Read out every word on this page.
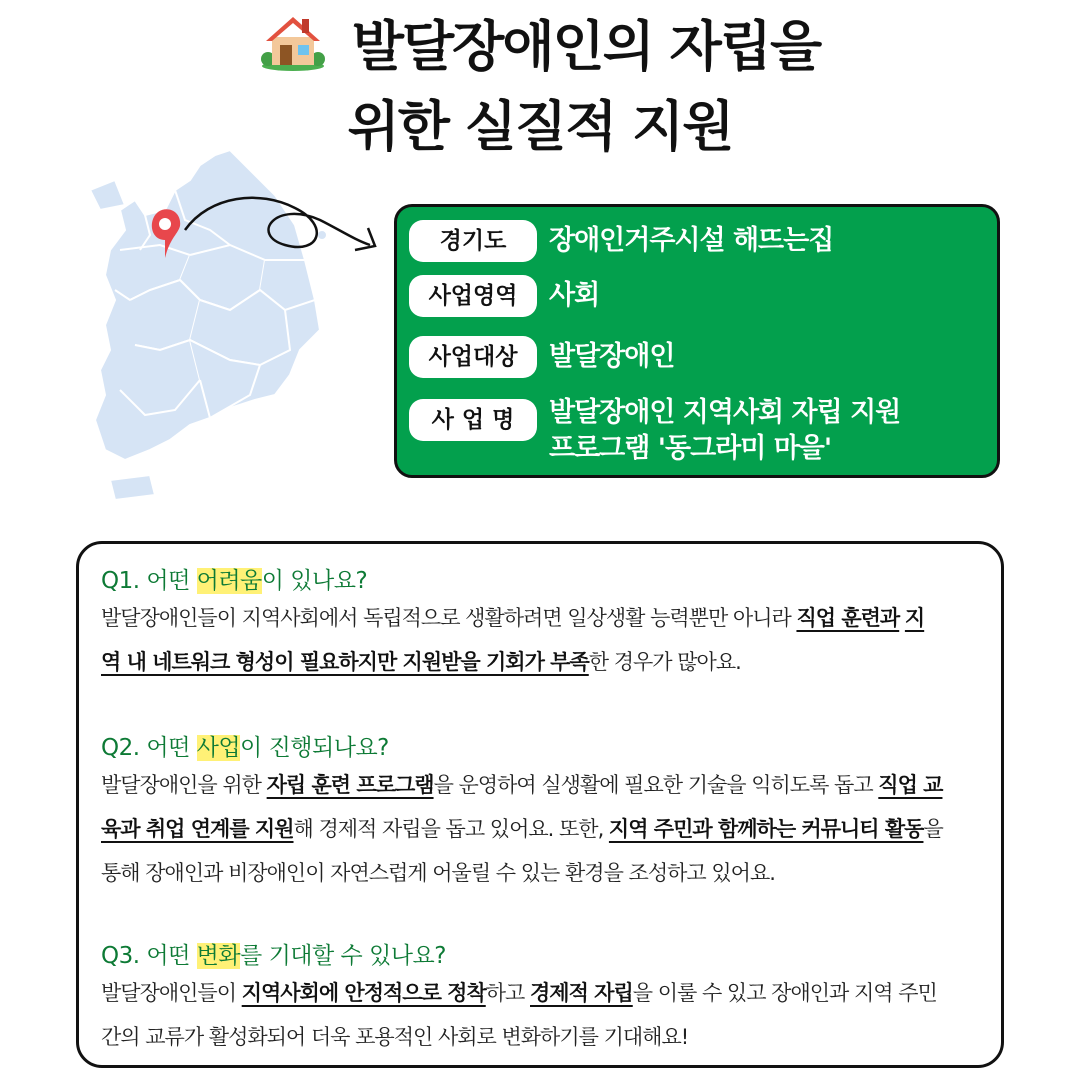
발달장애인의 자립을
위한 실질적 지원
경기도	장애인거주시설 해뜨는집
사업영역	사회
사업대상	발달장애인
사 업 명	발달장애인 지역사회 자립 지원
프로그램 '동그라미 마을'
Q1. 어떤 어려움이 있나요?
발달장애인들이 지역사회에서 독립적으로 생활하려면 일상생활 능력뿐만 아니라 직업 훈련과 지
역 내 네트워크 형성이 필요하지만 지원받을 기회가 부족한 경우가 많아요.
Q2. 어떤 사업이 진행되나요?
발달장애인을 위한 자립 훈련 프로그램을 운영하여 실생활에 필요한 기술을 익히도록 돕고 직업 교
육과 취업 연계를 지원해 경제적 자립을 돕고 있어요. 또한, 지역 주민과 함께하는 커뮤니티 활동을
통해 장애인과 비장애인이 자연스럽게 어울릴 수 있는 환경을 조성하고 있어요.
Q3. 어떤 변화를 기대할 수 있나요?
발달장애인들이 지역사회에 안정적으로 정착하고 경제적 자립을 이룰 수 있고 장애인과 지역 주민
간의 교류가 활성화되어 더욱 포용적인 사회로 변화하기를 기대해요!
